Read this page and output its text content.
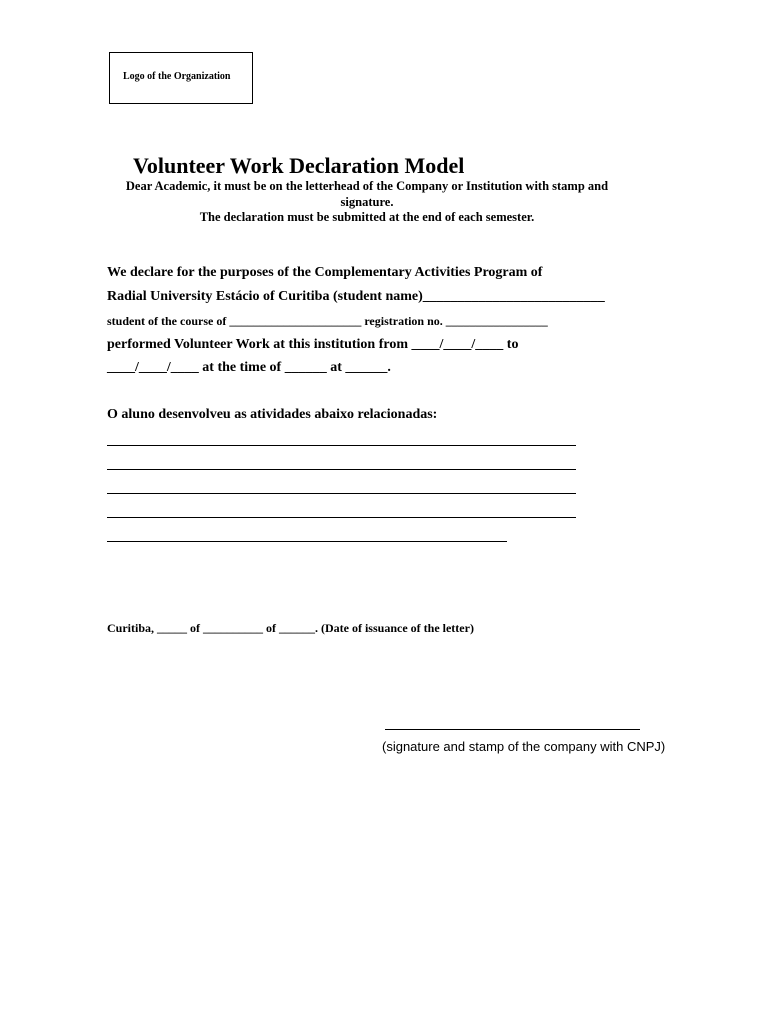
Logo of the Organization
Volunteer Work Declaration Model
Dear Academic, it must be on the letterhead of the Company or Institution with stamp and signature.
The declaration must be submitted at the end of each semester.
We declare for the purposes of the Complementary Activities Program of
Radial University Estácio of Curitiba (student name)__________________________
student of the course of ______________________ registration no. _________________
performed Volunteer Work at this institution from ____/____/____ to
____/____/____ at the time of ______ at ______.
O aluno desenvolveu as atividades abaixo relacionadas:
Curitiba, _____ of __________ of ______. (Date of issuance of the letter)
(signature and stamp of the company with CNPJ)
